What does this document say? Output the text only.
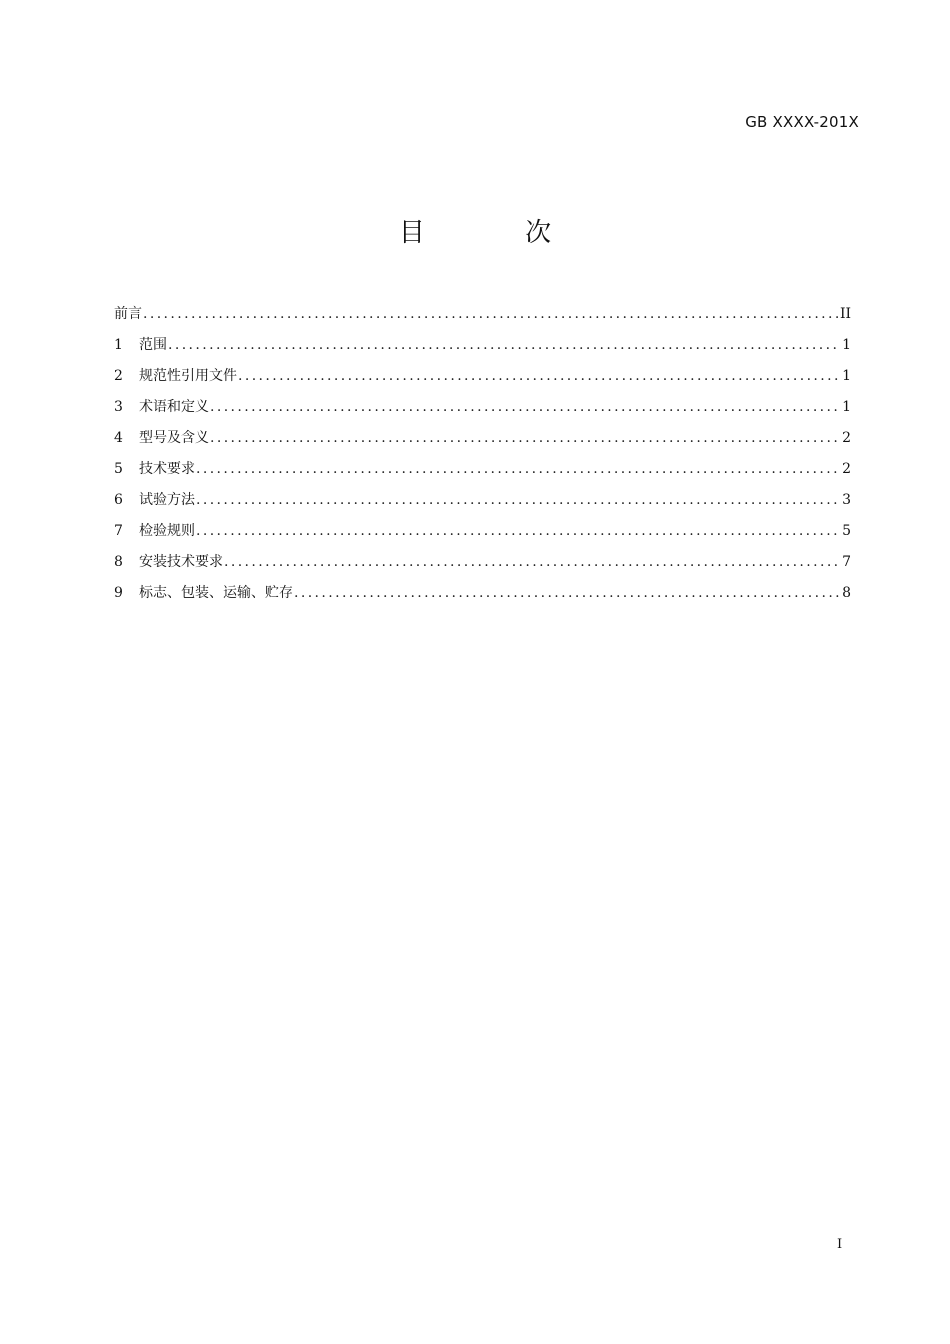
GB XXXX-201X
目 次
前言 .....	II
1	范围 .....	1
2	规范性引用文件 .....	1
3	术语和定义 .....	1
4	型号及含义 .....	2
5	技术要求 .....	2
6	试验方法 .....	3
7	检验规则 .....	5
8	安装技术要求 .....	7
9	标志、包装、运输、贮存 .....	8
I
